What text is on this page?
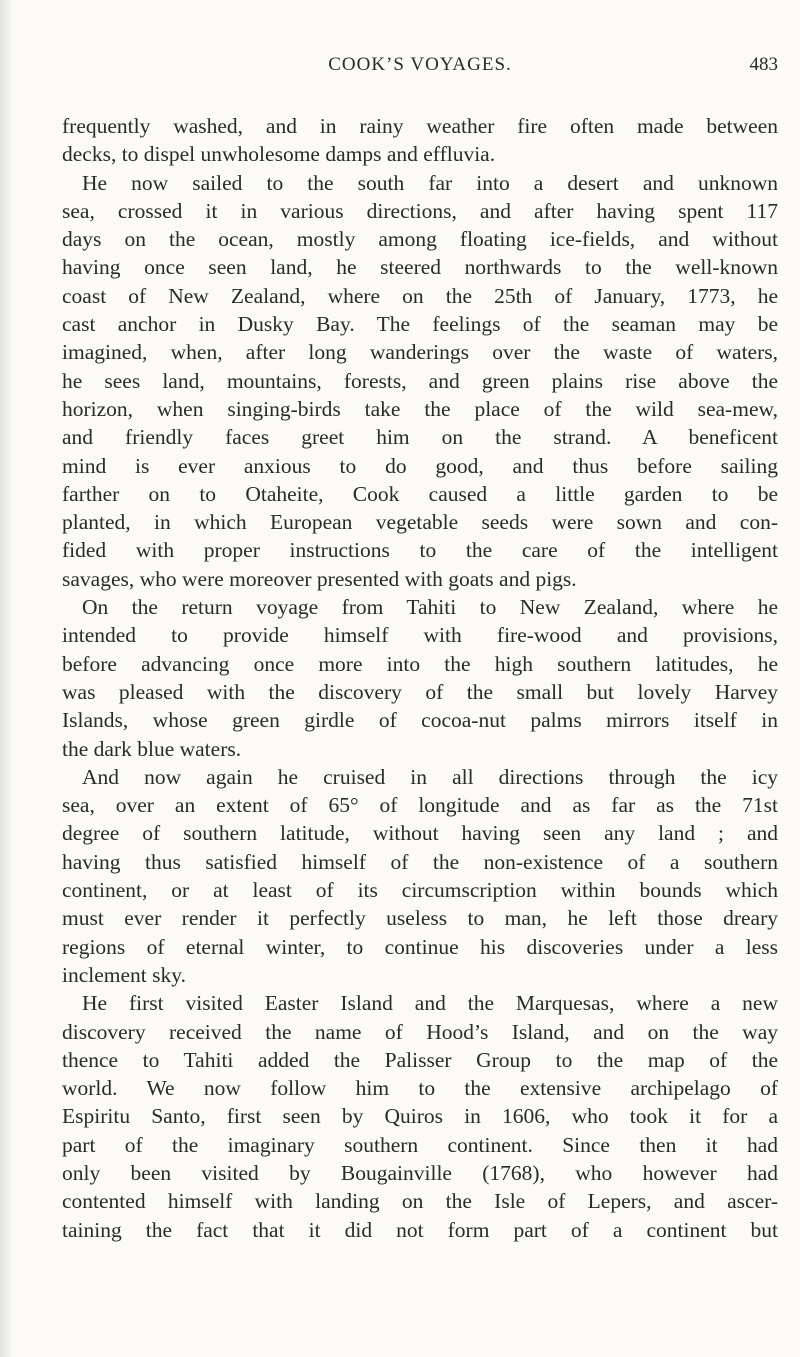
COOK’S VOYAGES.	483
frequently washed, and in rainy weather fire often made between
decks, to dispel unwholesome damps and effluvia.
He now sailed to the south far into a desert and unknown
sea, crossed it in various directions, and after having spent 117
days on the ocean, mostly among floating ice-fields, and without
having once seen land, he steered northwards to the well-known
coast of New Zealand, where on the 25th of January, 1773, he
cast anchor in Dusky Bay. The feelings of the seaman may be
imagined, when, after long wanderings over the waste of waters,
he sees land, mountains, forests, and green plains rise above the
horizon, when singing-birds take the place of the wild sea-mew,
and friendly faces greet him on the strand. A beneficent
mind is ever anxious to do good, and thus before sailing
farther on to Otaheite, Cook caused a little garden to be
planted, in which European vegetable seeds were sown and con-
fided with proper instructions to the care of the intelligent
savages, who were moreover presented with goats and pigs.
On the return voyage from Tahiti to New Zealand, where he
intended to provide himself with fire-wood and provisions,
before advancing once more into the high southern latitudes, he
was pleased with the discovery of the small but lovely Harvey
Islands, whose green girdle of cocoa-nut palms mirrors itself in
the dark blue waters.
And now again he cruised in all directions through the icy
sea, over an extent of 65° of longitude and as far as the 71st
degree of southern latitude, without having seen any land ; and
having thus satisfied himself of the non-existence of a southern
continent, or at least of its circumscription within bounds which
must ever render it perfectly useless to man, he left those dreary
regions of eternal winter, to continue his discoveries under a less
inclement sky.
He first visited Easter Island and the Marquesas, where a new
discovery received the name of Hood’s Island, and on the way
thence to Tahiti added the Palisser Group to the map of the
world. We now follow him to the extensive archipelago of
Espiritu Santo, first seen by Quiros in 1606, who took it for a
part of the imaginary southern continent. Since then it had
only been visited by Bougainville (1768), who however had
contented himself with landing on the Isle of Lepers, and ascer-
taining the fact that it did not form part of a continent but
